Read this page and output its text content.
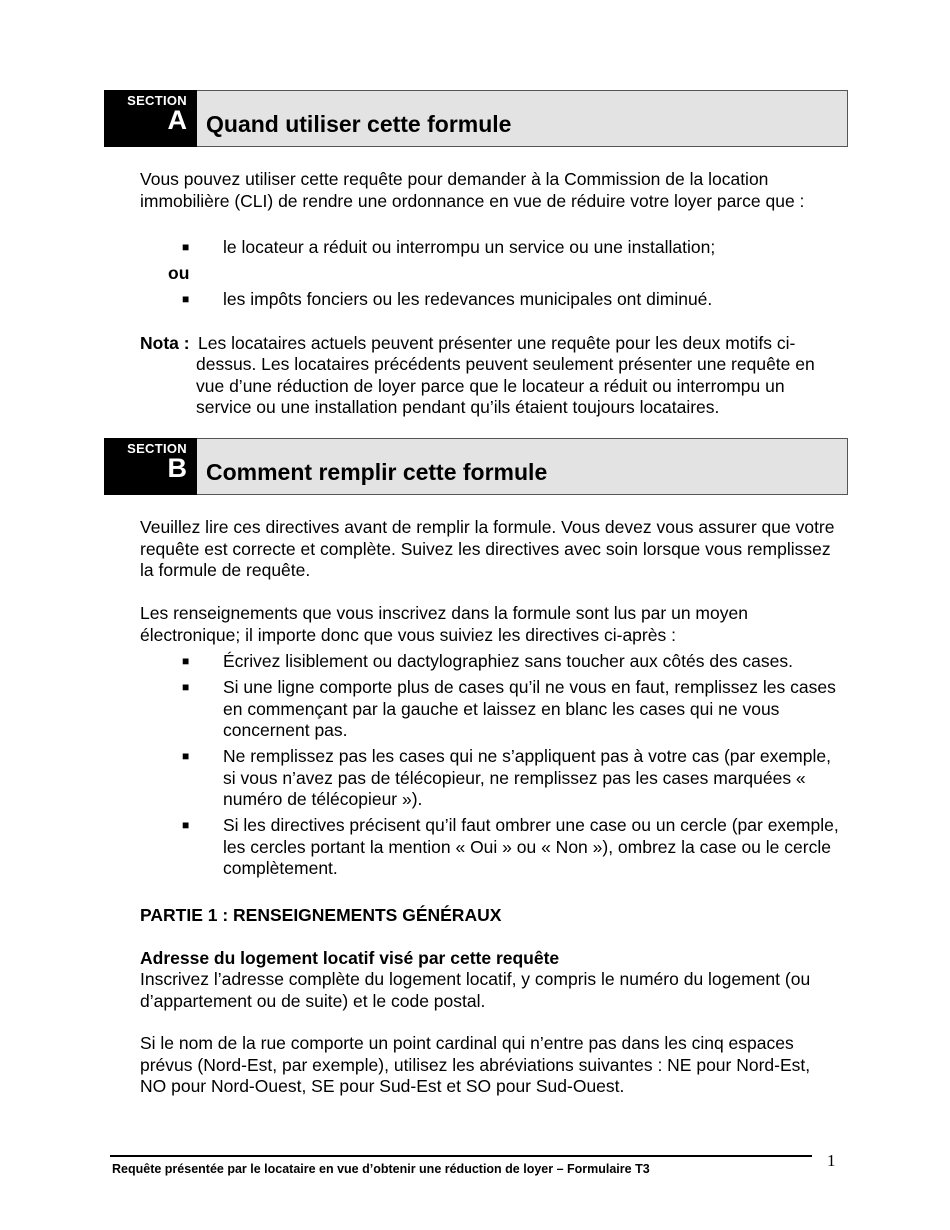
SECTION
A Quand utiliser cette formule

Vous pouvez utiliser cette requête pour demander à la Commission de la location immobilière (CLI) de rendre une ordonnance en vue de réduire votre loyer parce que :

■ le locateur a réduit ou interrompu un service ou une installation;
ou
■ les impôts fonciers ou les redevances municipales ont diminué.
Nota : Les locataires actuels peuvent présenter une requête pour les deux motifs ci-
dessus. Les locataires précédents peuvent seulement présenter une requête en vue d’une réduction de loyer parce que le locateur a réduit ou interrompu un service ou une installation pendant qu’ils étaient toujours locataires.
SECTION
B Comment remplir cette formule

Veuillez lire ces directives avant de remplir la formule. Vous devez vous assurer que votre requête est correcte et complète. Suivez les directives avec soin lorsque vous remplissez la formule de requête.

Les renseignements que vous inscrivez dans la formule sont lus par un moyen électronique; il importe donc que vous suiviez les directives ci-après :

■ Écrivez lisiblement ou dactylographiez sans toucher aux côtés des cases.
■ Si une ligne comporte plus de cases qu’il ne vous en faut, remplissez les cases en commençant par la gauche et laissez en blanc les cases qui ne vous concernent pas.
■ Ne remplissez pas les cases qui ne s’appliquent pas à votre cas (par exemple, si vous n’avez pas de télécopieur, ne remplissez pas les cases marquées « numéro de télécopieur »).
■ Si les directives précisent qu’il faut ombrer une case ou un cercle (par exemple, les cercles portant la mention « Oui » ou « Non »), ombrez la case ou le cercle complètement.

PARTIE 1 : RENSEIGNEMENTS GÉNÉRAUX

Adresse du logement locatif visé par cette requête

Inscrivez l’adresse complète du logement locatif, y compris le numéro du logement (ou d’appartement ou de suite) et le code postal.

Si le nom de la rue comporte un point cardinal qui n’entre pas dans les cinq espaces prévus (Nord-Est, par exemple), utilisez les abréviations suivantes : NE pour Nord-Est, NO pour Nord-Ouest, SE pour Sud-Est et SO pour Sud-Ouest.

Requête présentée par le locataire en vue d’obtenir une réduction de loyer – Formulaire T3	1
